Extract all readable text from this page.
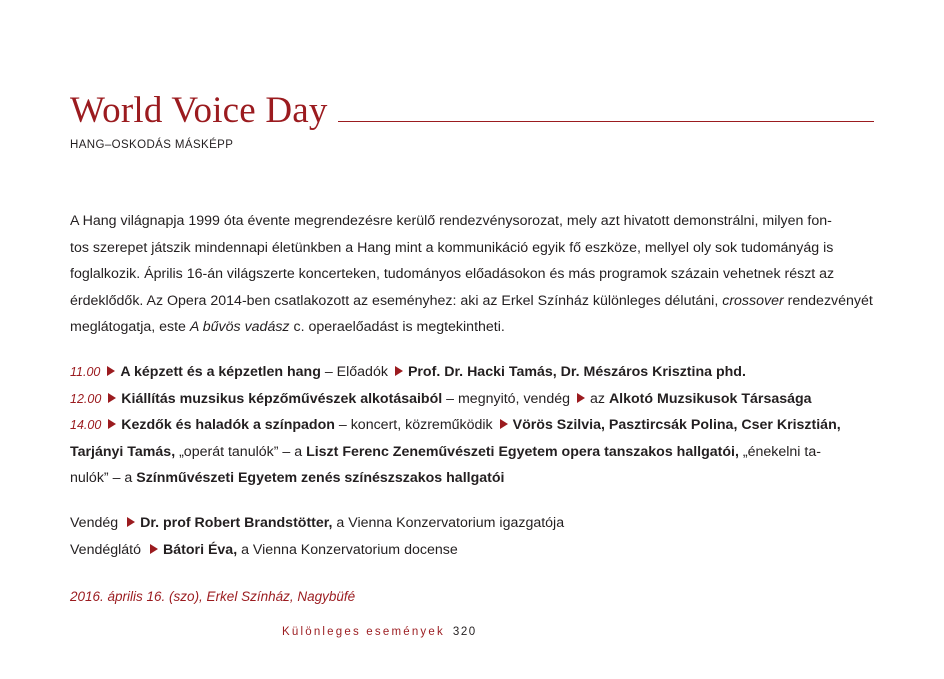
World Voice Day
HANG–OSKODÁS MÁSKÉPP

A Hang világnapja 1999 óta évente megrendezésre kerülő rendezvénysorozat, mely azt hivatott demonstrálni, milyen fon-

tos szerepet játszik mindennapi életünkben a Hang mint a kommunikáció egyik fő eszköze, mellyel oly sok tudományág is

foglalkozik. Április 16-án világszerte koncerteken, tudományos előadásokon és más programok százain vehetnek részt az

érdeklődők. Az Opera 2014-ben csatlakozott az eseményhez: aki az Erkel Színház különleges délutáni, crossover rendezvényét

meglátogatja, este A bűvös vadász c. operaelőadást is megtekintheti.

11.00 A képzett és a képzetlen hang – Előadók Prof. Dr. Hacki Tamás, Dr. Mészáros Krisztina phd.

12.00 Kiállítás muzsikus képzőművészek alkotásaiból – megnyitó, vendég az Alkotó Muzsikusok Társasága

14.00 Kezdők és haladók a színpadon – koncert, közreműködik Vörös Szilvia, Pasztircsák Polina, Cser Krisztián,

Tarjányi Tamás, „operát tanulók” – a Liszt Ferenc Zeneművészeti Egyetem opera tanszakos hallgatói, „énekelni ta-

nulók” – a Színművészeti Egyetem zenés színészszakos hallgatói

Vendég Dr. prof Robert Brandstötter, a Vienna Konzervatorium igazgatója

Vendéglátó Bátori Éva, a Vienna Konzervatorium docense

2016. április 16. (szo), Erkel Színház, Nagybüfé
Különleges események 320
